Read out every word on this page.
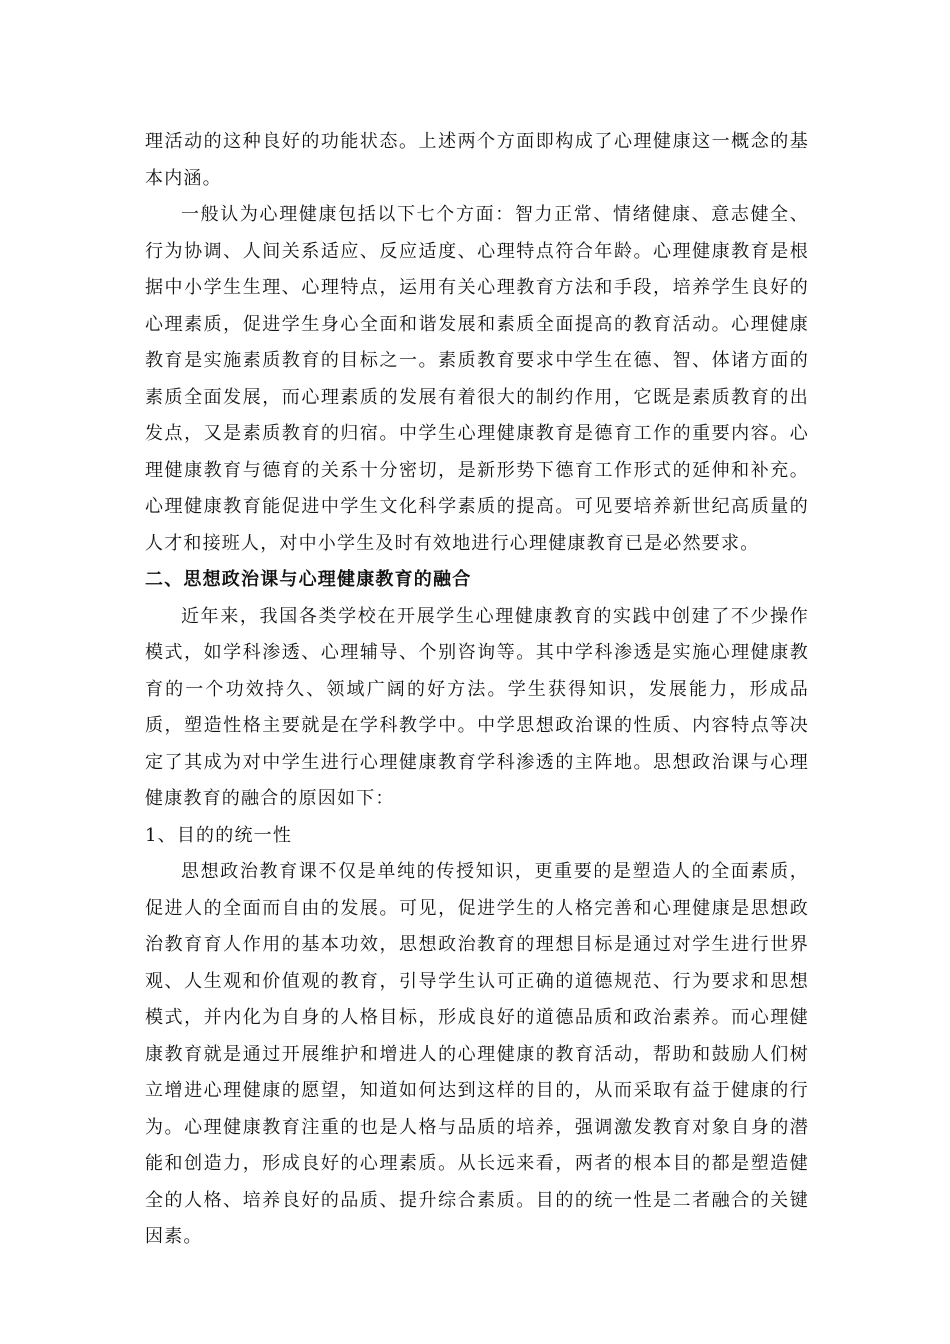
理活动的这种良好的功能状态。上述两个方面即构成了心理健康这一概念的基本内涵。

一般认为心理健康包括以下七个方面：智力正常、情绪健康、意志健全、行为协调、人间关系适应、反应适度、心理特点符合年龄。心理健康教育是根据中小学生生理、心理特点，运用有关心理教育方法和手段，培养学生良好的心理素质，促进学生身心全面和谐发展和素质全面提高的教育活动。心理健康教育是实施素质教育的目标之一。素质教育要求中学生在德、智、体诸方面的素质全面发展，而心理素质的发展有着很大的制约作用，它既是素质教育的出发点，又是素质教育的归宿。中学生心理健康教育是德育工作的重要内容。心理健康教育与德育的关系十分密切，是新形势下德育工作形式的延伸和补充。心理健康教育能促进中学生文化科学素质的提高。可见要培养新世纪高质量的人才和接班人，对中小学生及时有效地进行心理健康教育已是必然要求。

二、思想政治课与心理健康教育的融合

近年来，我国各类学校在开展学生心理健康教育的实践中创建了不少操作模式，如学科渗透、心理辅导、个别咨询等。其中学科渗透是实施心理健康教育的一个功效持久、领域广阔的好方法。学生获得知识，发展能力，形成品质，塑造性格主要就是在学科教学中。中学思想政治课的性质、内容特点等决定了其成为对中学生进行心理健康教育学科渗透的主阵地。思想政治课与心理健康教育的融合的原因如下：

1、目的的统一性

思想政治教育课不仅是单纯的传授知识，更重要的是塑造人的全面素质，促进人的全面而自由的发展。可见，促进学生的人格完善和心理健康是思想政治教育育人作用的基本功效，思想政治教育的理想目标是通过对学生进行世界观、人生观和价值观的教育，引导学生认可正确的道德规范、行为要求和思想模式，并内化为自身的人格目标，形成良好的道德品质和政治素养。而心理健康教育就是通过开展维护和增进人的心理健康的教育活动，帮助和鼓励人们树立增进心理健康的愿望，知道如何达到这样的目的，从而采取有益于健康的行为。心理健康教育注重的也是人格与品质的培养，强调激发教育对象自身的潜能和创造力，形成良好的心理素质。从长远来看，两者的根本目的都是塑造健全的人格、培养良好的品质、提升综合素质。目的的统一性是二者融合的关键因素。
